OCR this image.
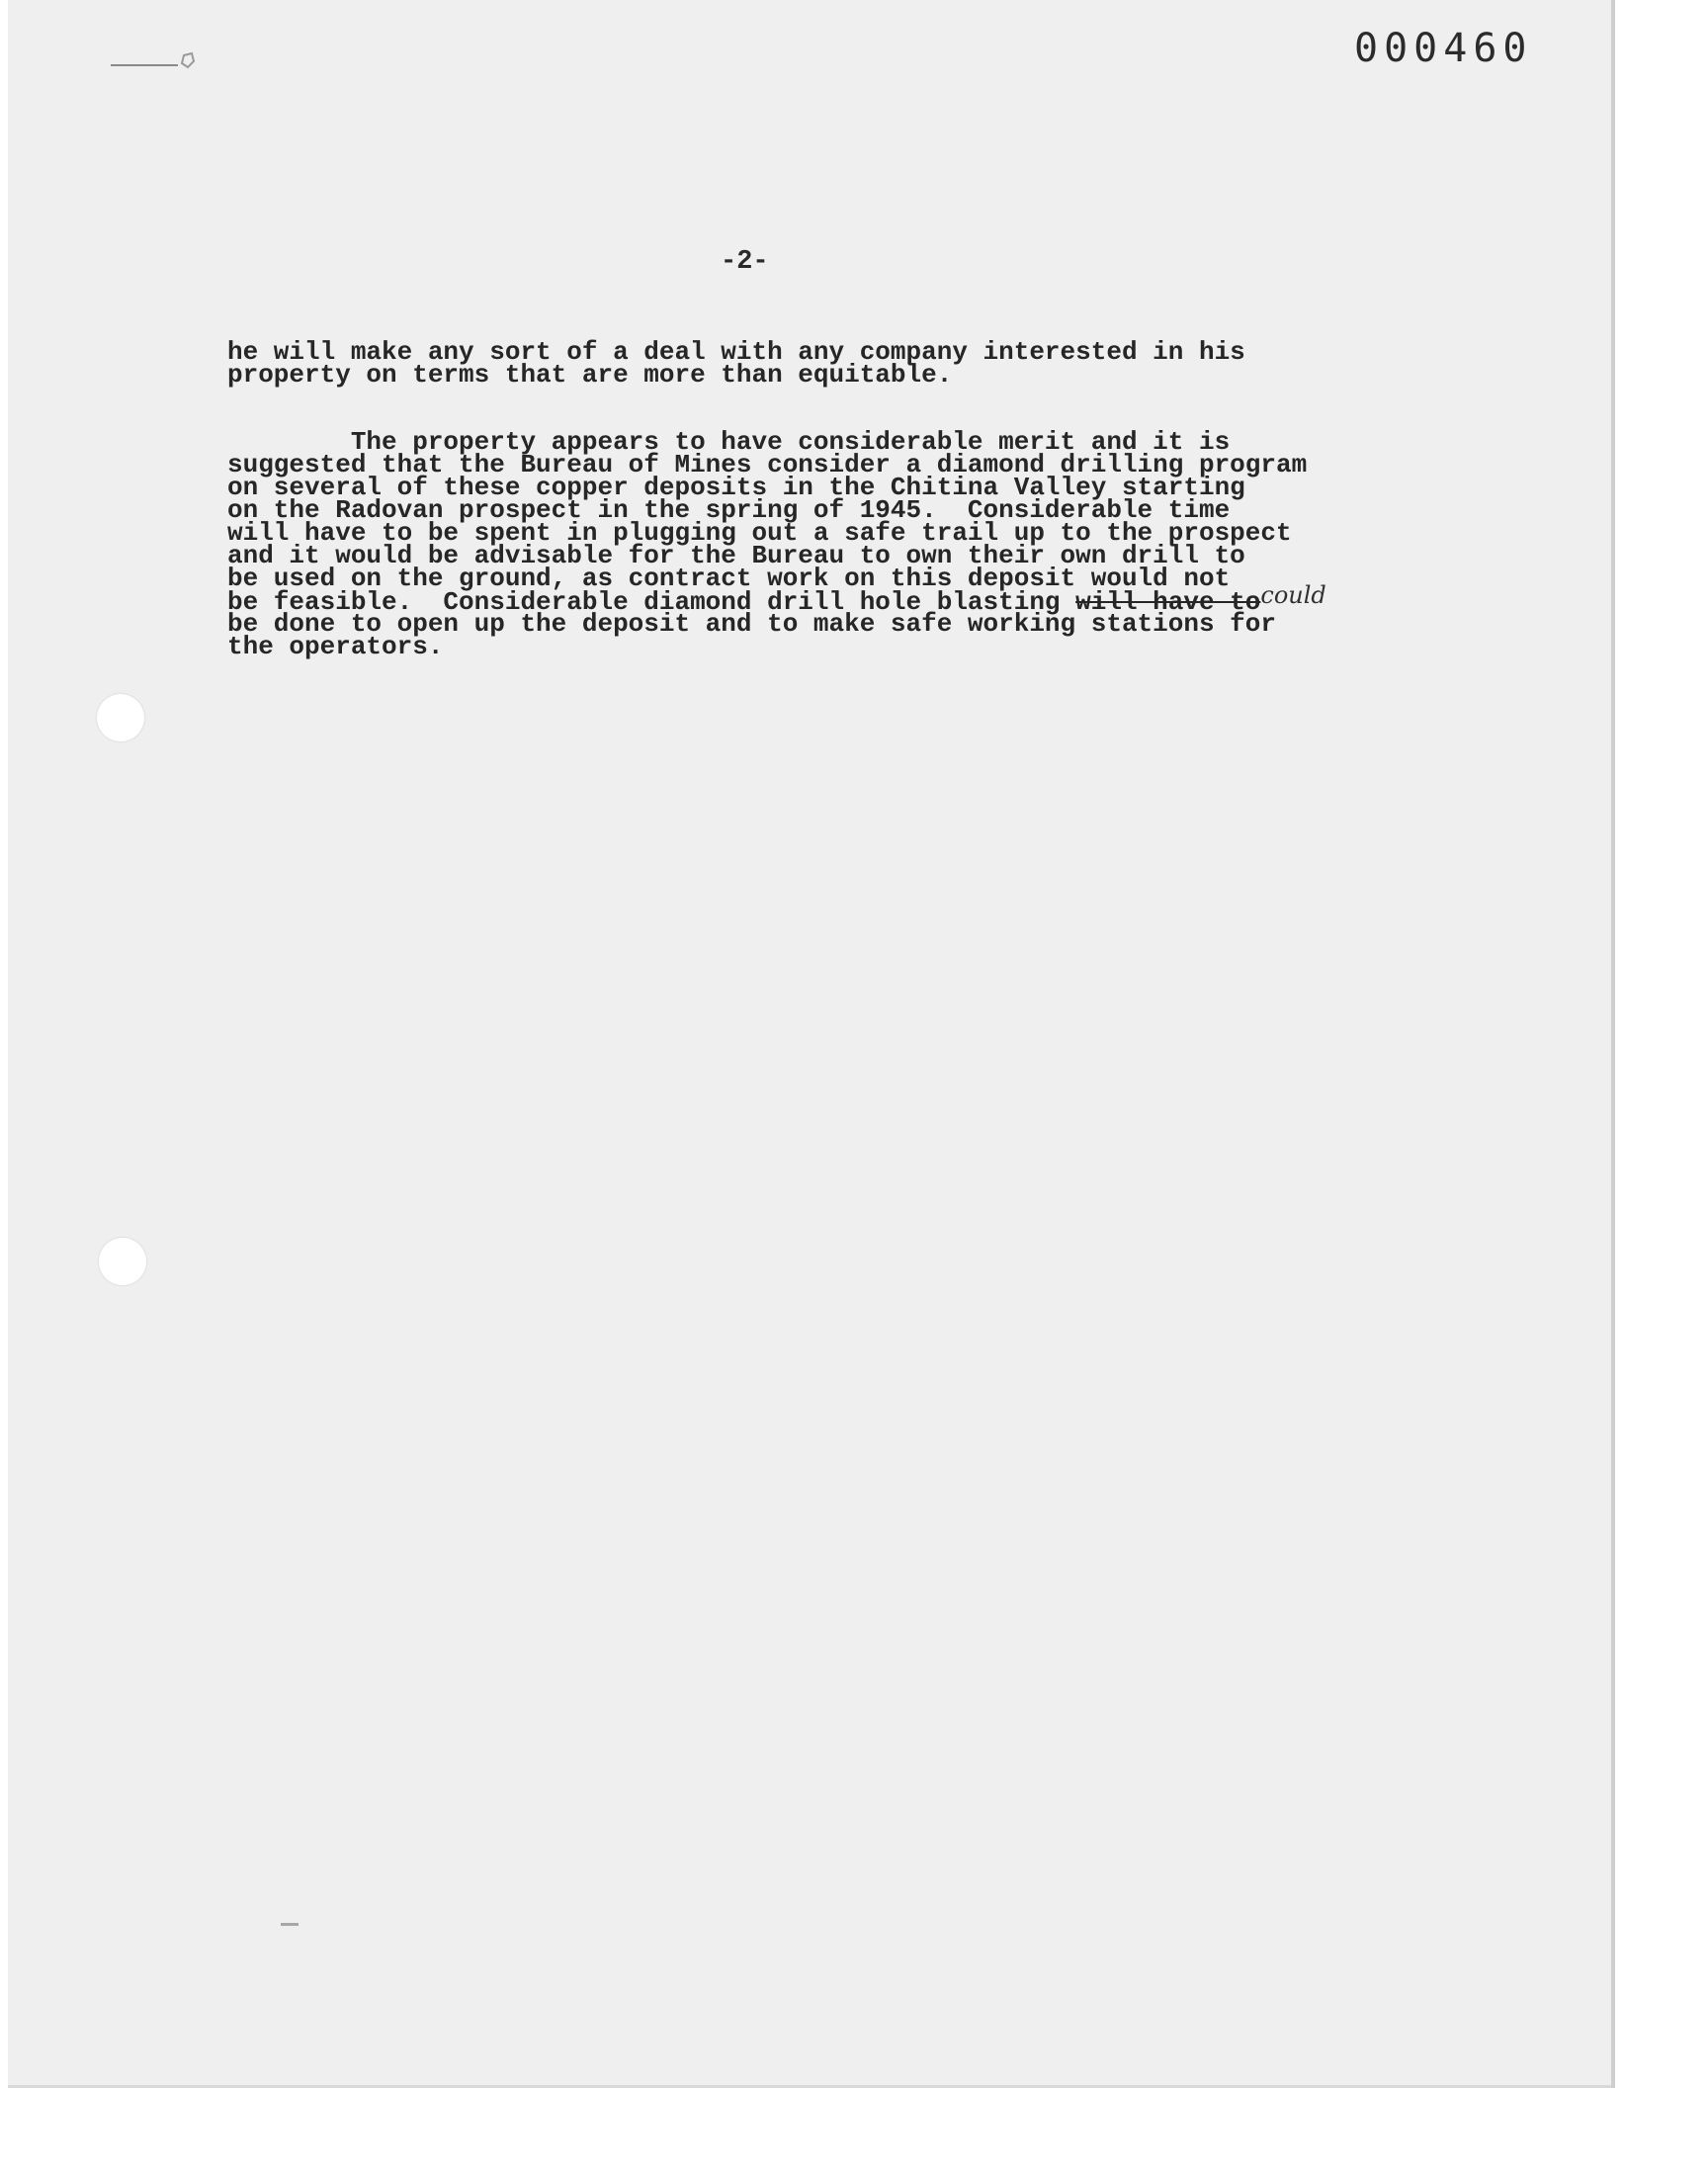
000460
-2-
he will make any sort of a deal with any company interested in his
property on terms that are more than equitable.
The property appears to have considerable merit and it is
suggested that the Bureau of Mines consider a diamond drilling program
on several of these copper deposits in the Chitina Valley starting
on the Radovan prospect in the spring of 1945.  Considerable time
will have to be spent in plugging out a safe trail up to the prospect
and it would be advisable for the Bureau to own their own drill to
be used on the ground, as contract work on this deposit would not
be feasible.  Considerable diamond drill hole blasting will have tocould
be done to open up the deposit and to make safe working stations for
the operators.
